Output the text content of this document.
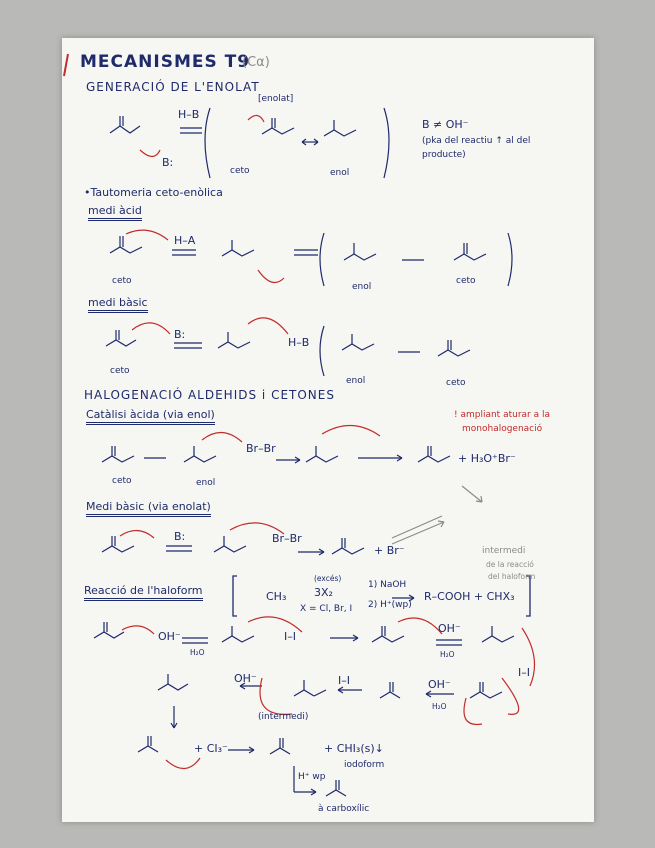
MECANISMES T9
(Cα)
GENERACIÓ DE L'ENOLAT
[enolat]
H–B
B:
ceto	enol
B ≠ OH⁻
(pka del reactiu ↑ al del
producte)
•Tautomeria ceto-enòlica
medi àcid
H–A
ceto
enol
ceto
medi bàsic
B:
H–B
ceto
enol	ceto
HALOGENACIÓ ALDEHIDS i CETONES
Catàlisi àcida (via enol)	! ampliant aturar a la
monohalogenació
Br–Br
+ H₃O⁺Br⁻
ceto	enol
Medi bàsic (via enolat)
B:	Br–Br
+ Br⁻	intermedi
de la reacció
del haloform
Reacció de l'haloform	CH₃
(excés)
3X₂
X = Cl, Br, I
1) NaOH
2) H⁺(wp)
R–COOH + CHX₃
OH⁻
H₂O
I–I
OH⁻
H₂O
I–I
OH⁻	I–I	OH⁻
H₂O
(intermedi)
+ CI₃⁻	+ CHI₃(s)↓
iodoform
H⁺ wp
à carboxílic
